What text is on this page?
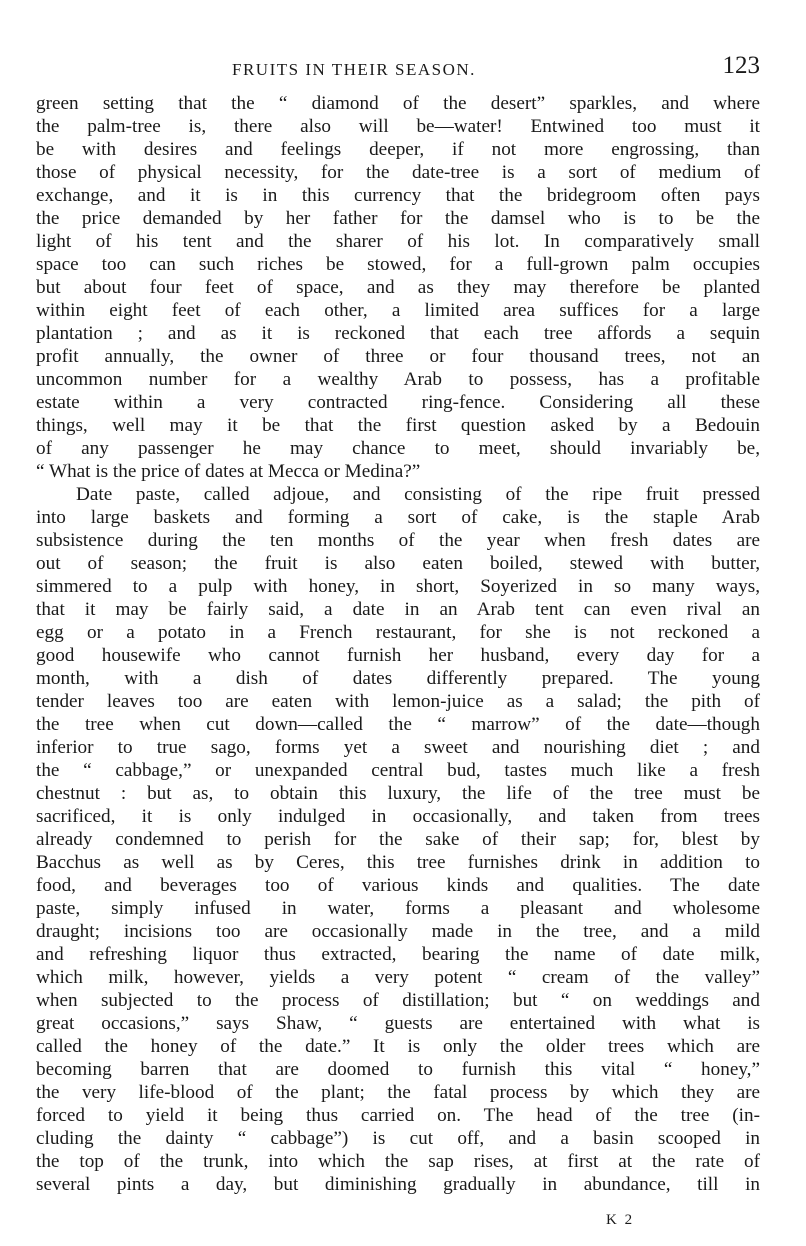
FRUITS IN THEIR SEASON.	123

green setting that the “ diamond of the desert” sparkles, and where
the palm-tree is, there also will be—water! Entwined too must it
be with desires and feelings deeper, if not more engrossing, than
those of physical necessity, for the date-tree is a sort of medium of
exchange, and it is in this currency that the bridegroom often pays
the price demanded by her father for the damsel who is to be the
light of his tent and the sharer of his lot. In comparatively small
space too can such riches be stowed, for a full-grown palm occupies
but about four feet of space, and as they may therefore be planted
within eight feet of each other, a limited area suffices for a large
plantation ; and as it is reckoned that each tree affords a sequin
profit annually, the owner of three or four thousand trees, not an
uncommon number for a wealthy Arab to possess, has a profitable
estate within a very contracted ring-fence. Considering all these
things, well may it be that the first question asked by a Bedouin
of any passenger he may chance to meet, should invariably be,
“ What is the price of dates at Mecca or Medina?”

Date paste, called adjoue, and consisting of the ripe fruit pressed
into large baskets and forming a sort of cake, is the staple Arab
subsistence during the ten months of the year when fresh dates are
out of season; the fruit is also eaten boiled, stewed with butter,
simmered to a pulp with honey, in short, Soyerized in so many ways,
that it may be fairly said, a date in an Arab tent can even rival an
egg or a potato in a French restaurant, for she is not reckoned a
good housewife who cannot furnish her husband, every day for a
month, with a dish of dates differently prepared. The young
tender leaves too are eaten with lemon-juice as a salad; the pith of
the tree when cut down—called the “ marrow” of the date—though
inferior to true sago, forms yet a sweet and nourishing diet ; and
the “ cabbage,” or unexpanded central bud, tastes much like a fresh
chestnut : but as, to obtain this luxury, the life of the tree must be
sacrificed, it is only indulged in occasionally, and taken from trees
already condemned to perish for the sake of their sap; for, blest by
Bacchus as well as by Ceres, this tree furnishes drink in addition to
food, and beverages too of various kinds and qualities. The date
paste, simply infused in water, forms a pleasant and wholesome
draught; incisions too are occasionally made in the tree, and a mild
and refreshing liquor thus extracted, bearing the name of date milk,
which milk, however, yields a very potent “ cream of the valley”
when subjected to the process of distillation; but “ on weddings and
great occasions,” says Shaw, “ guests are entertained with what is
called the honey of the date.” It is only the older trees which are
becoming barren that are doomed to furnish this vital “ honey,”
the very life-blood of the plant; the fatal process by which they are
forced to yield it being thus carried on. The head of the tree (in-
cluding the dainty “ cabbage”) is cut off, and a basin scooped in
the top of the trunk, into which the sap rises, at first at the rate of
several pints a day, but diminishing gradually in abundance, till in

K 2
